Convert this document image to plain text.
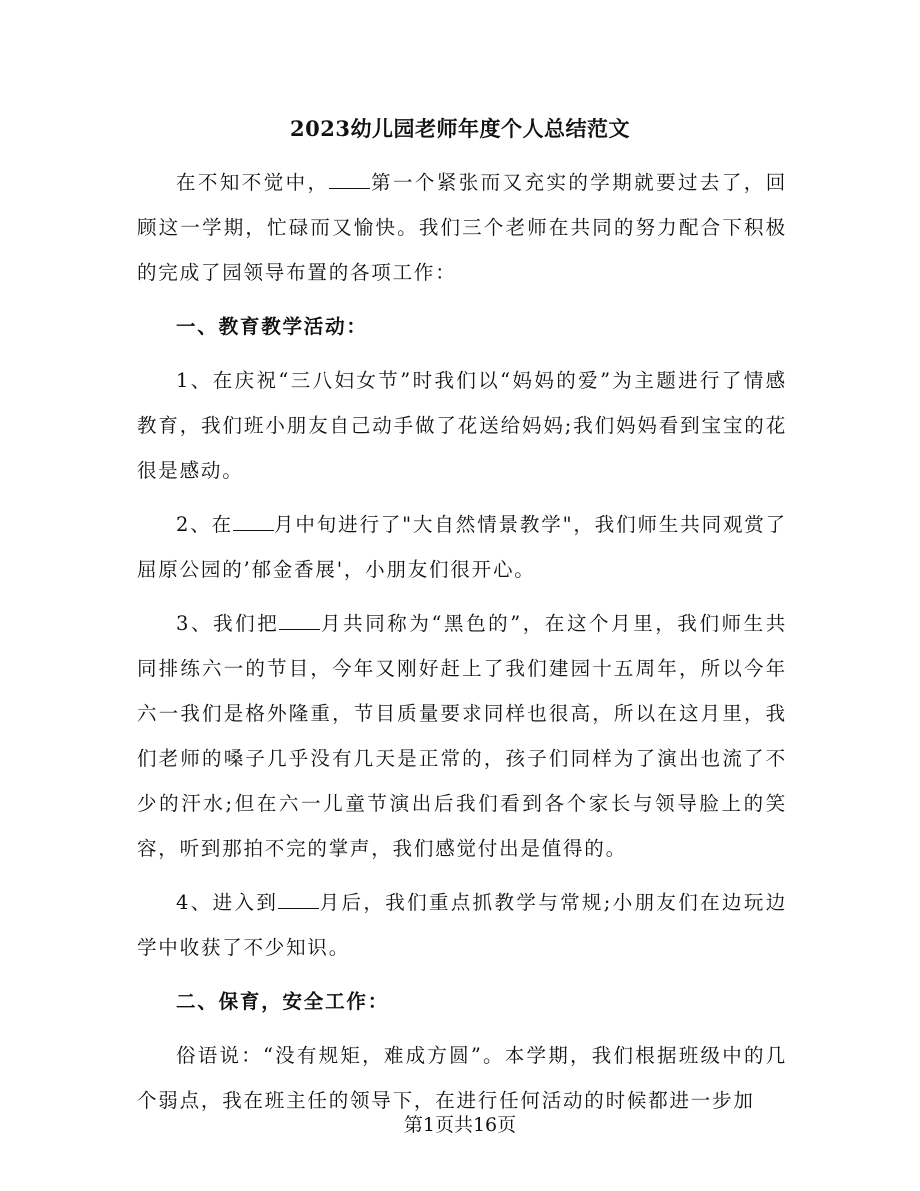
2023幼儿园老师年度个人总结范文

在不知不觉中， 第一个紧张而又充实的学期就要过去了，回顾这一学期，忙碌而又愉快。我们三个老师在共同的努力配合下积极的完成了园领导布置的各项工作：

一、教育教学活动：

1、在庆祝“三八妇女节”时我们以“妈妈的爱”为主题进行了情感教育，我们班小朋友自己动手做了花送给妈妈;我们妈妈看到宝宝的花很是感动。

2、在 月中旬进行了"大自然情景教学"，我们师生共同观赏了屈原公园的’郁金香展'，小朋友们很开心。

3、我们把 月共同称为“黑色的”，在这个月里，我们师生共同排练六一的节目，今年又刚好赶上了我们建园十五周年，所以今年六一我们是格外隆重，节目质量要求同样也很高，所以在这月里，我们老师的嗓子几乎没有几天是正常的，孩子们同样为了演出也流了不少的汗水;但在六一儿童节演出后我们看到各个家长与领导脸上的笑容，听到那拍不完的掌声，我们感觉付出是值得的。

4、进入到 月后，我们重点抓教学与常规;小朋友们在边玩边学中收获了不少知识。

二、保育，安全工作：

俗语说：“没有规矩，难成方圆”。本学期，我们根据班级中的几个弱点，我在班主任的领导下，在进行任何活动的时候都进一步加

第1页共16页
